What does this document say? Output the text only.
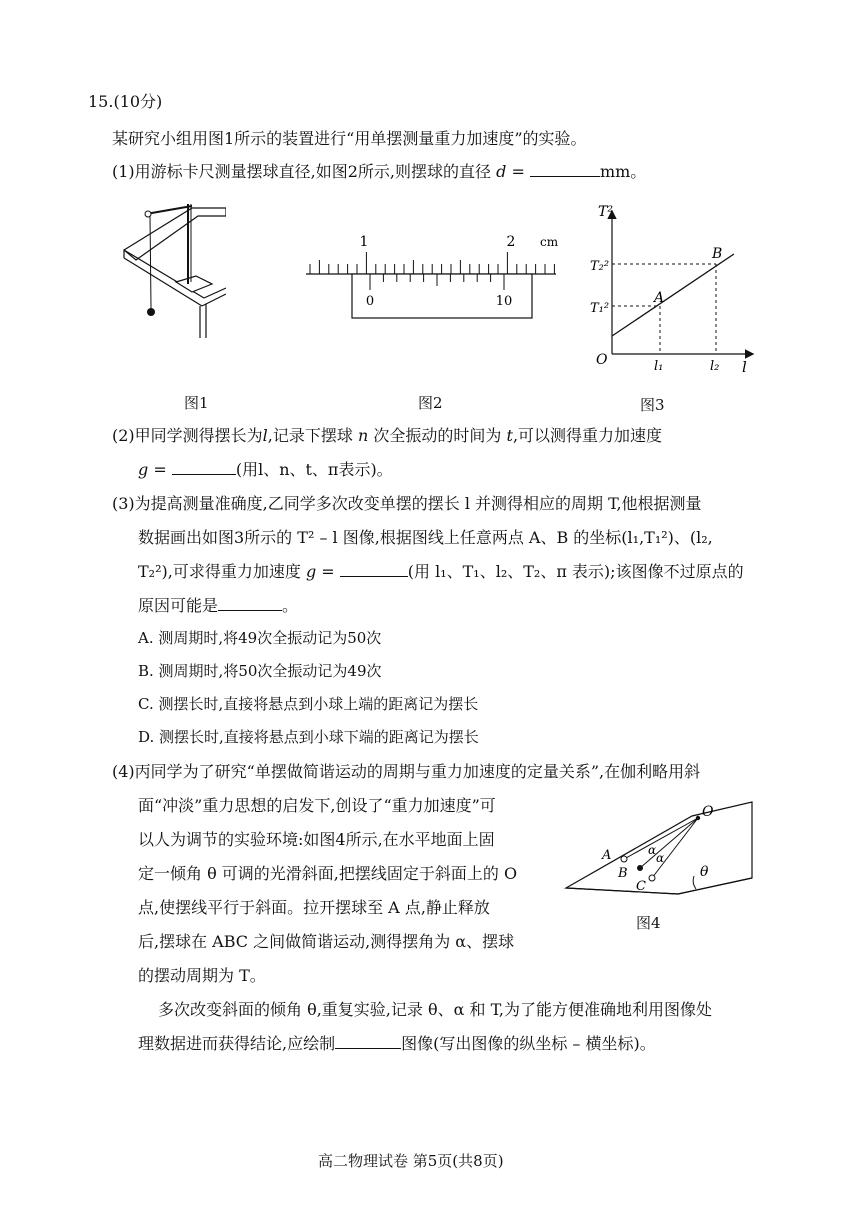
15.(10分)
某研究小组用图1所示的装置进行“用单摆测量重力加速度”的实验。
(1)用游标卡尺测量摆球直径,如图2所示,则摆球的直径 d =	mm。
图1
1	2 cm
0	10
图2
T²
l
O
T₂²
T₁²
l₁	l₂
A
B
图3
(2)甲同学测得摆长为l,记录下摆球 n 次全振动的时间为 t,可以测得重力加速度
g =	(用l、n、t、π表示)。
(3)为提高测量准确度,乙同学多次改变单摆的摆长 l 并测得相应的周期 T,他根据测量
数据画出如图3所示的 T² – l 图像,根据图线上任意两点 A、B 的坐标(l₁,T₁²)、(l₂,
T₂²),可求得重力加速度 g =	(用 l₁、T₁、l₂、T₂、π 表示);该图像不过原点的
原因可能是	。
A. 测周期时,将49次全振动记为50次
B. 测周期时,将50次全振动记为49次
C. 测摆长时,直接将悬点到小球上端的距离记为摆长
D. 测摆长时,直接将悬点到小球下端的距离记为摆长
(4)丙同学为了研究“单摆做简谐运动的周期与重力加速度的定量关系”,在伽利略用斜
面“冲淡”重力思想的启发下,创设了“重力加速度”可
以人为调节的实验环境:如图4所示,在水平地面上固
定一倾角 θ 可调的光滑斜面,把摆线固定于斜面上的 O
点,使摆线平行于斜面。拉开摆球至 A 点,静止释放
后,摆球在 ABC 之间做简谐运动,测得摆角为 α、摆球
的摆动周期为 T。
O
A
B
C
α
α
θ
图4
多次改变斜面的倾角 θ,重复实验,记录 θ、α 和 T,为了能方便准确地利用图像处
理数据进而获得结论,应绘制	图像(写出图像的纵坐标 – 横坐标)。
高二物理试卷 第5页(共8页)
